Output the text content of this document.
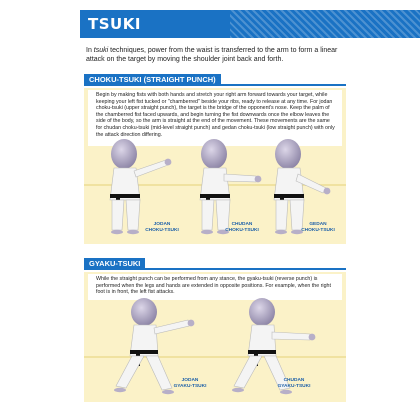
TSUKI
In tsuki techniques, power from the waist is transferred to the arm to form a linear attack on the target by moving the shoulder joint back and forth.
CHOKU-TSUKI (STRAIGHT PUNCH)
Begin by making fists with both hands and stretch your right arm forward towards your target, while keeping your left fist tucked or "chamberred" beside your ribs, ready to release at any time. For jodan choku-tsuki (upper straight punch), the target is the bridge of the opponent's nose. Keep the palm of the chamberred fist faced upwards, and begin turning the fist downwards once the elbow leaves the side of the body, so the arm is straight at the end of the movement. These movements are the same for chudan choku-tsuki (mid-level straight punch) and gedan choku-tsuki (low straight punch) with only the attack direction differing.
JODAN
CHOKU-TSUKI
CHUDAN
CHOKU-TSUKI
GEDAN
CHOKU-TSUKI
GYAKU-TSUKI
While the straight punch can be performed from any stance, the gyaku-tsuki (reverse punch) is performed when the legs and hands are extended in opposite positions. For example, when the right foot is in front, the left fist attacks.
JODAN
GYAKU-TSUKI
CHUDAN
GYAKU-TSUKI
